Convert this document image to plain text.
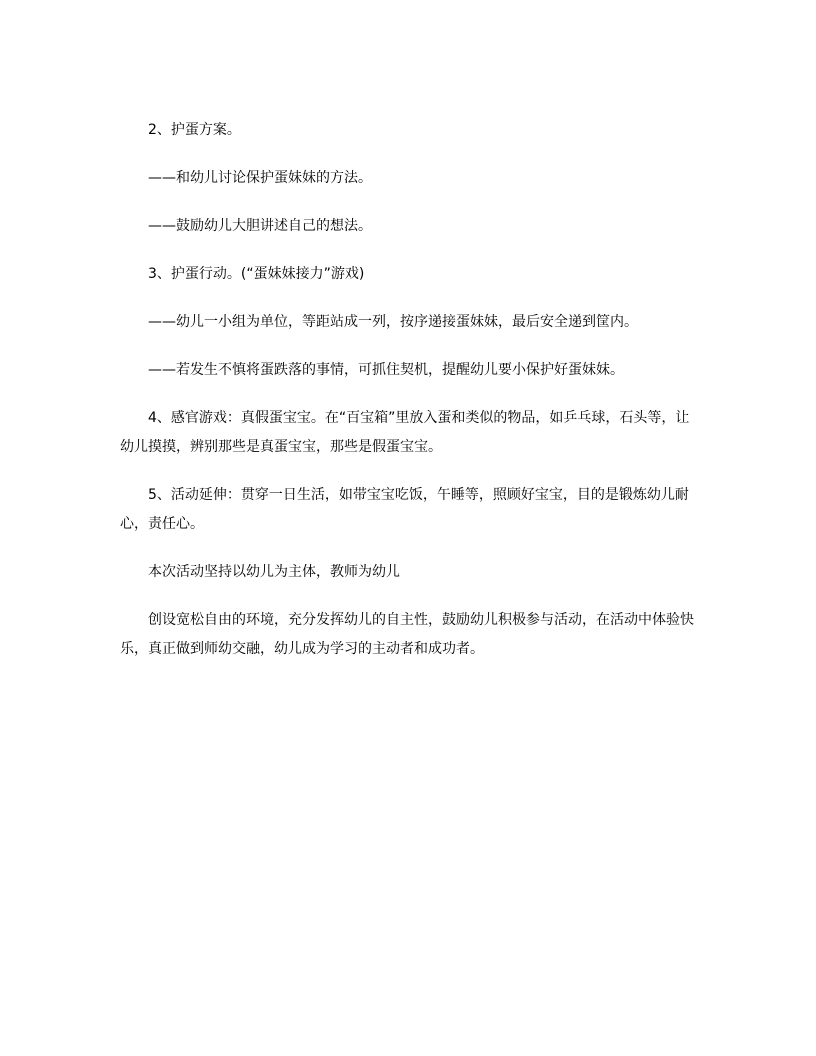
2、护蛋方案。

——和幼儿讨论保护蛋妹妹的方法。

——鼓励幼儿大胆讲述自己的想法。

3、护蛋行动。(“蛋妹妹接力”游戏)

——幼儿一小组为单位，等距站成一列，按序递接蛋妹妹，最后安全递到筐内。

——若发生不慎将蛋跌落的事情，可抓住契机，提醒幼儿要小保护好蛋妹妹。

4、感官游戏：真假蛋宝宝。在“百宝箱”里放入蛋和类似的物品，如乒乓球，石头等，让幼儿摸摸，辨别那些是真蛋宝宝，那些是假蛋宝宝。

5、活动延伸：贯穿一日生活，如带宝宝吃饭，午睡等，照顾好宝宝，目的是锻炼幼儿耐心，责任心。

本次活动坚持以幼儿为主体，教师为幼儿

创设宽松自由的环境，充分发挥幼儿的自主性，鼓励幼儿积极参与活动，在活动中体验快乐，真正做到师幼交融，幼儿成为学习的主动者和成功者。
